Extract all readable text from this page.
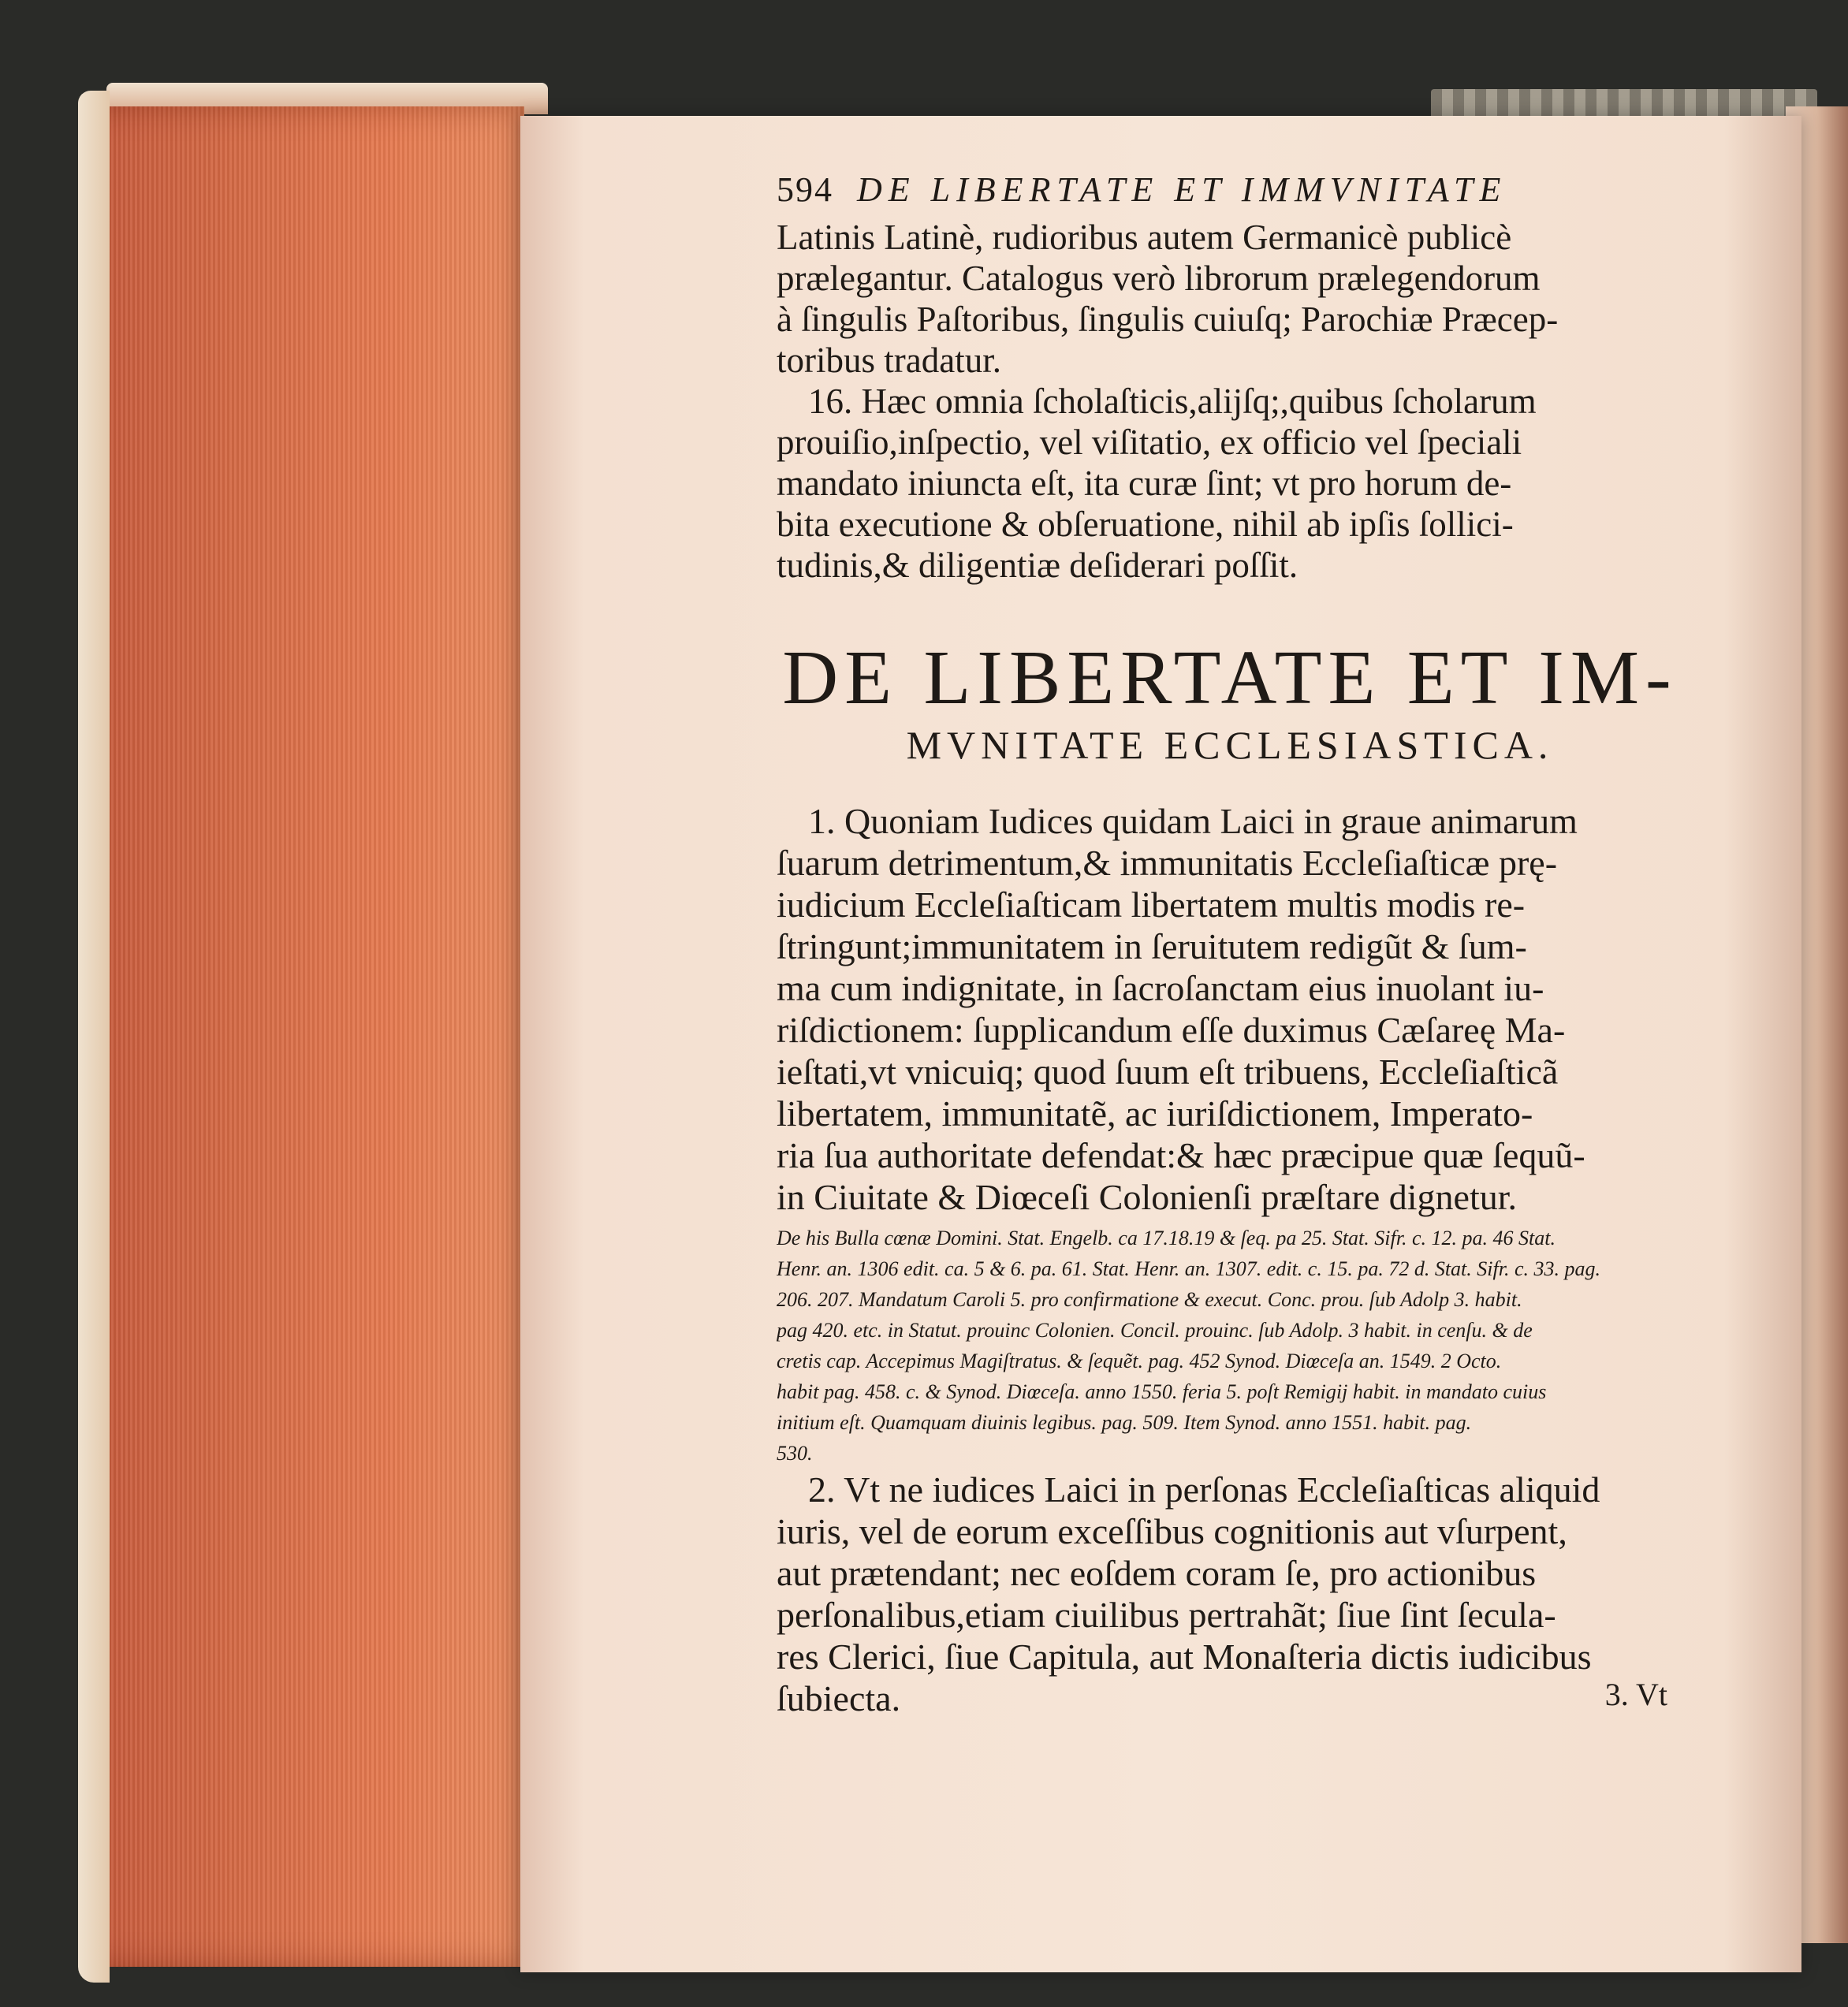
594 DE LIBERTATE ET IMMVNITATE

Latinis Latinè, rudioribus autem Germanicè publicè

prælegantur. Catalogus verò librorum prælegendorum

à ſingulis Paſtoribus, ſingulis cuiuſq; Parochiæ Præcep-

toribus tradatur.

16. Hæc omnia ſcholaſticis,alijſq;,quibus ſcholarum

prouiſio,inſpectio, vel viſitatio, ex officio vel ſpeciali

mandato iniuncta eſt, ita curæ ſint; vt pro horum de-

bita executione & obſeruatione, nihil ab ipſis ſollici-

tudinis,& diligentiæ deſiderari poſſit.

DE LIBERTATE ET IM-
MVNITATE ECCLESIASTICA.

1. Quoniam Iudices quidam Laici in graue animarum

ſuarum detrimentum,& immunitatis Eccleſiaſticæ prę-

iudicium Eccleſiaſticam libertatem multis modis re-

ſtringunt;immunitatem in ſeruitutem redigũt & ſum-

ma cum indignitate, in ſacroſanctam eius inuolant iu-

riſdictionem: ſupplicandum eſſe duximus Cæſareę Ma-

ieſtati,vt vnicuiq; quod ſuum eſt tribuens, Eccleſiaſticã

libertatem, immunitatẽ, ac iuriſdictionem, Imperato-

ria ſua authoritate defendat:& hæc præcipue quæ ſequũ-

in Ciuitate & Diœceſi Colonienſi præſtare dignetur.

De his Bulla cœnæ Domini. Stat. Engelb. ca 17.18.19 & ſeq. pa 25. Stat. Sifr. c. 12. pa. 46 Stat.

Henr. an. 1306 edit. ca. 5 & 6. pa. 61. Stat. Henr. an. 1307. edit. c. 15. pa. 72 d. Stat. Sifr. c. 33. pag.

206. 207. Mandatum Caroli 5. pro confirmatione & execut. Conc. prou. ſub Adolp 3. habit.

pag 420. etc. in Statut. prouinc Colonien. Concil. prouinc. ſub Adolp. 3 habit. in cenſu. & de

cretis cap. Accepimus Magiſtratus. & ſequẽt. pag. 452 Synod. Diœceſa an. 1549. 2 Octo.

habit pag. 458. c. & Synod. Diœceſa. anno 1550. feria 5. poſt Remigij habit. in mandato cuius

initium eſt. Quamquam diuinis legibus. pag. 509. Item Synod. anno 1551. habit. pag.

530.

2. Vt ne iudices Laici in perſonas Eccleſiaſticas aliquid

iuris, vel de eorum exceſſibus cognitionis aut vſurpent,

aut prætendant; nec eoſdem coram ſe, pro actionibus

perſonalibus,etiam ciuilibus pertrahãt; ſiue ſint ſecula-

res Clerici, ſiue Capitula, aut Monaſteria dictis iudicibus

ſubiecta.	3. Vt
